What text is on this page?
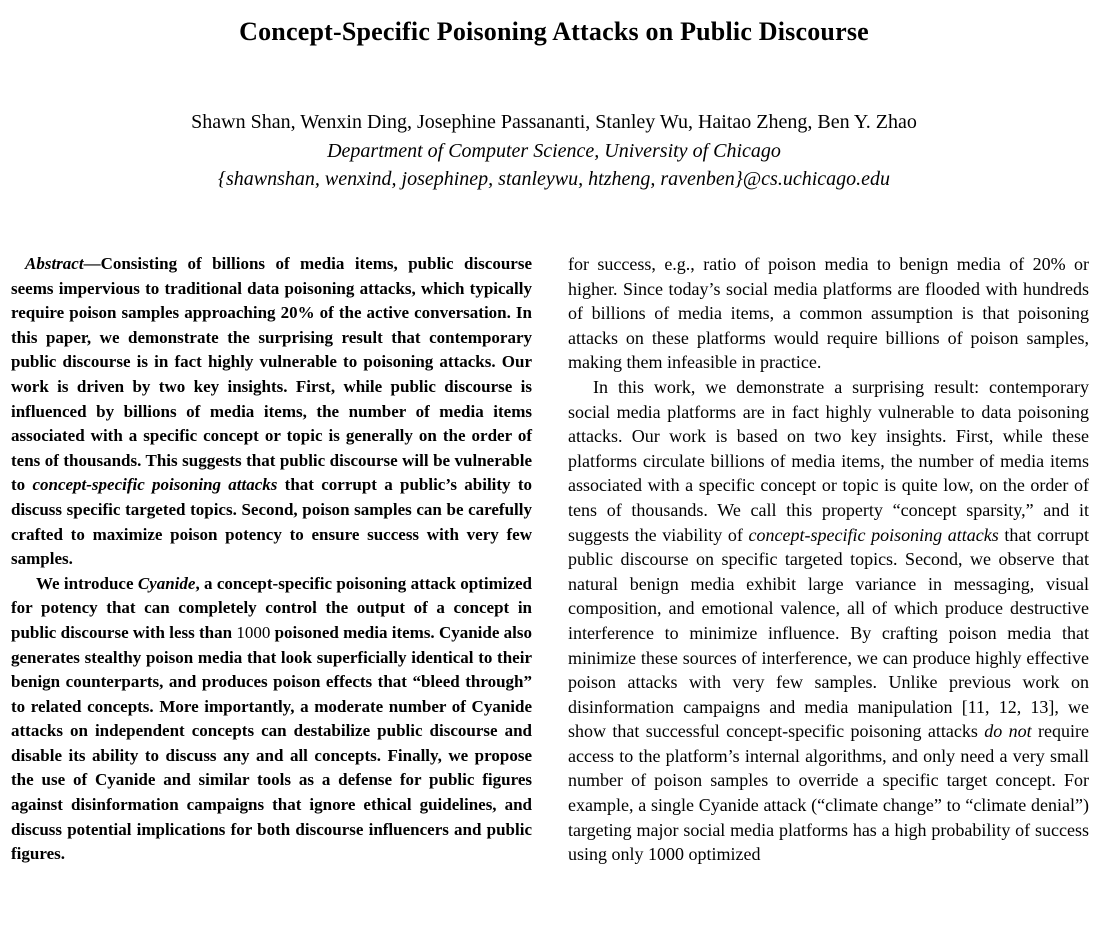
Concept-Specific Poisoning Attacks on Public Discourse
Shawn Shan, Wenxin Ding, Josephine Passananti, Stanley Wu, Haitao Zheng, Ben Y. Zhao
Department of Computer Science, University of Chicago
{shawnshan, wenxind, josephinep, stanleywu, htzheng, ravenben}@cs.uchicago.edu

Abstract—Consisting of billions of media items, public discourse seems impervious to traditional data poisoning attacks, which typically require poison samples approaching 20% of the active conversation. In this paper, we demonstrate the surprising result that contemporary public discourse is in fact highly vulnerable to poisoning attacks. Our work is driven by two key insights. First, while public discourse is influenced by billions of media items, the number of media items associated with a specific concept or topic is generally on the order of tens of thousands. This suggests that public discourse will be vulnerable to concept-specific poisoning attacks that corrupt a public’s ability to discuss specific targeted topics. Second, poison samples can be carefully crafted to maximize poison potency to ensure success with very few samples.

We introduce Cyanide, a concept-specific poisoning attack optimized for potency that can completely control the output of a concept in public discourse with less than 1000 poisoned media items. Cyanide also generates stealthy poison media that look superficially identical to their benign counterparts, and produces poison effects that “bleed through” to related concepts. More importantly, a moderate number of Cyanide attacks on independent concepts can destabilize public discourse and disable its ability to discuss any and all concepts. Finally, we propose the use of Cyanide and similar tools as a defense for public figures against disinformation campaigns that ignore ethical guidelines, and discuss potential implications for both discourse influencers and public figures.

for success, e.g., ratio of poison media to benign media of 20% or higher. Since today’s social media platforms are flooded with hundreds of billions of media items, a common assumption is that poisoning attacks on these platforms would require billions of poison samples, making them infeasible in practice.

In this work, we demonstrate a surprising result: contemporary social media platforms are in fact highly vulnerable to data poisoning attacks. Our work is based on two key insights. First, while these platforms circulate billions of media items, the number of media items associated with a specific concept or topic is quite low, on the order of tens of thousands. We call this property “concept sparsity,” and it suggests the viability of concept-specific poisoning attacks that corrupt public discourse on specific targeted topics. Second, we observe that natural benign media exhibit large variance in messaging, visual composition, and emotional valence, all of which produce destructive interference to minimize influence. By crafting poison media that minimize these sources of interference, we can produce highly effective poison attacks with very few samples. Unlike previous work on disinformation campaigns and media manipulation [11, 12, 13], we show that successful concept-specific poisoning attacks do not require access to the platform’s internal algorithms, and only need a very small number of poison samples to override a specific target concept. For example, a single Cyanide attack (“climate change” to “climate denial”) targeting major social media platforms has a high probability of success using only 1000 optimized
